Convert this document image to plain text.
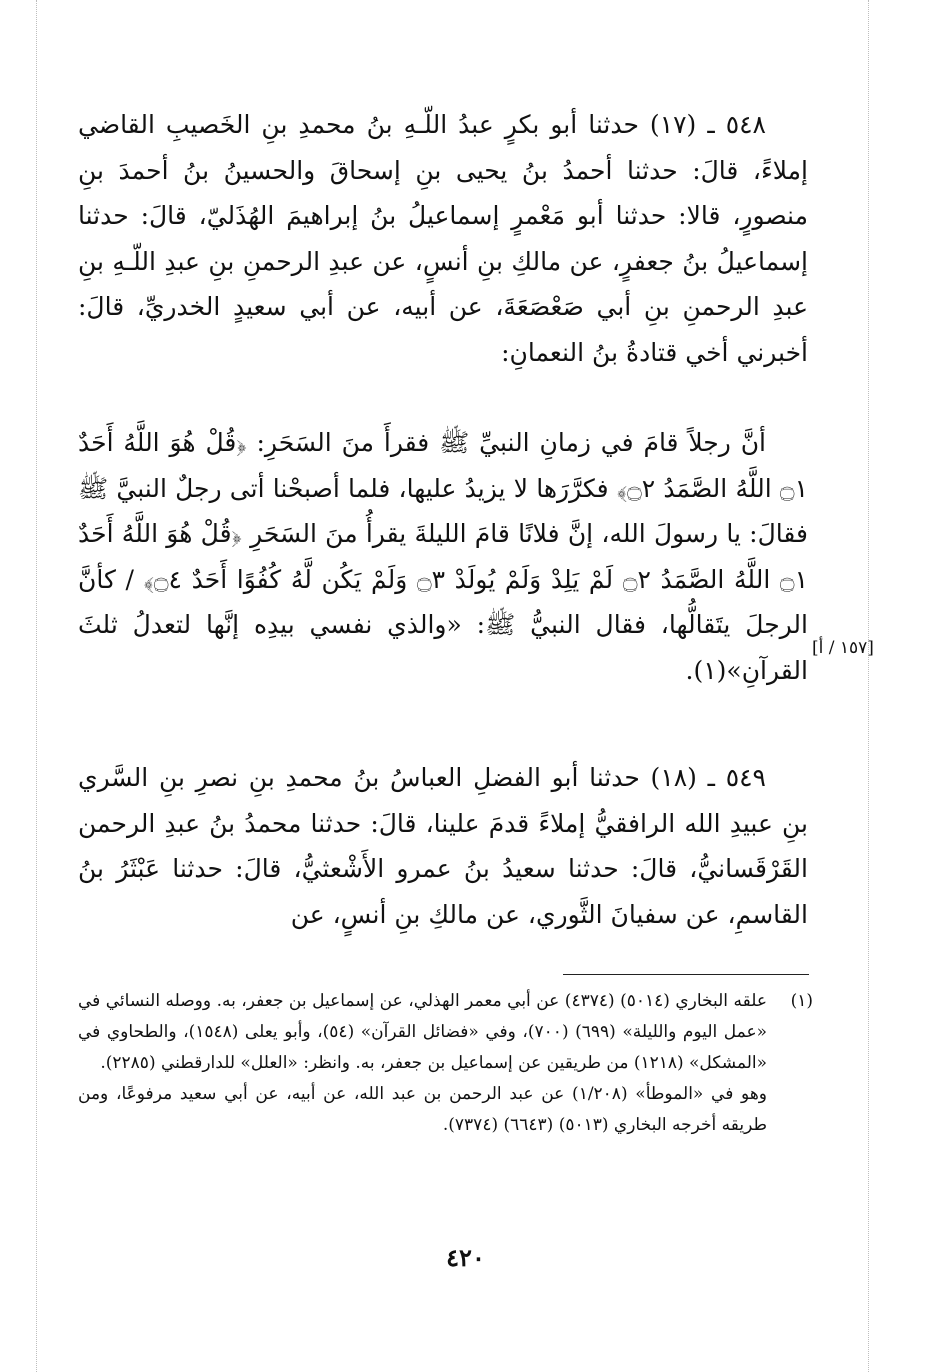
٥٤٨ ـ (١٧) حدثنا أبو بكرٍ عبدُ اللّـهِ بنُ محمدِ بنِ الخَصيبِ القاضي إملاءً، قالَ: حدثنا أحمدُ بنُ يحيى بنِ إسحاقَ والحسينُ بنُ أحمدَ بنِ منصورٍ، قالا: حدثنا أبو مَعْمرٍ إسماعيلُ بنُ إبراهيمَ الهُذَليّ، قالَ: حدثنا إسماعيلُ بنُ جعفرٍ، عن مالكِ بنِ أنسٍ، عن عبدِ الرحمنِ بنِ عبدِ اللّـهِ بنِ عبدِ الرحمنِ بنِ أبي صَعْصَعَةَ، عن أبيه، عن أبي سعيدٍ الخدريِّ، قالَ: أخبرني أخي قتادةُ بنُ النعمانِ:

أنَّ رجلاً قامَ في زمانِ النبيِّ ﷺ فقرأَ منَ السَحَرِ: ﴿قُلْ هُوَ اللَّهُ أَحَدٌ ۝١ اللَّهُ الصَّمَدُ ۝٢﴾ فكرَّرَها لا يزيدُ عليها، فلما أصبحْنا أتى رجلٌ النبيَّ ﷺ فقالَ: يا رسولَ الله، إنَّ فلانًا قامَ الليلةَ يقرأُ منَ السَحَرِ ﴿قُلْ هُوَ اللَّهُ أَحَدٌ ۝١ اللَّهُ الصَّمَدُ ۝٢ لَمْ يَلِدْ وَلَمْ يُولَدْ ۝٣ وَلَمْ يَكُن لَّهُ كُفُوًا أَحَدٌ ۝٤﴾ / كأنَّ الرجلَ يتَقالُّها، فقال النبيُّ ﷺ: «والذي نفسي بيدِه إنَّها لتعدلُ ثلثَ القرآنِ»(١).

[١٥٧ / أ]

٥٤٩ ـ (١٨) حدثنا أبو الفضلِ العباسُ بنُ محمدِ بنِ نصرِ بنِ السَّري بنِ عبيدِ الله الرافقيُّ إملاءً قدمَ علينا، قالَ: حدثنا محمدُ بنُ عبدِ الرحمن القَرْقَسانيُّ، قالَ: حدثنا سعيدُ بنُ عمرو الأَشْعثيُّ، قالَ: حدثنا عَبْثَرُ بنُ القاسمِ، عن سفيانَ الثَّوري، عن مالكِ بنِ أنسٍ، عن

(١)
علقه البخاري (٥٠١٤) (٤٣٧٤) عن أبي معمر الهذلي، عن إسماعيل بن جعفر، به. ووصله النسائي في «عمل اليوم والليلة» (٦٩٩) (٧٠٠)، وفي «فضائل القرآن» (٥٤)، وأبو يعلى (١٥٤٨)، والطحاوي في «المشكل» (١٢١٨) من طريقين عن إسماعيل بن جعفر، به. وانظر: «العلل» للدارقطني (٢٢٨٥).

وهو في «الموطأ» (١/٢٠٨) عن عبد الرحمن بن عبد الله، عن أبيه، عن أبي سعيد مرفوعًا، ومن طريقه أخرجه البخاري (٥٠١٣) (٦٦٤٣) (٧٣٧٤).

٤٢٠
